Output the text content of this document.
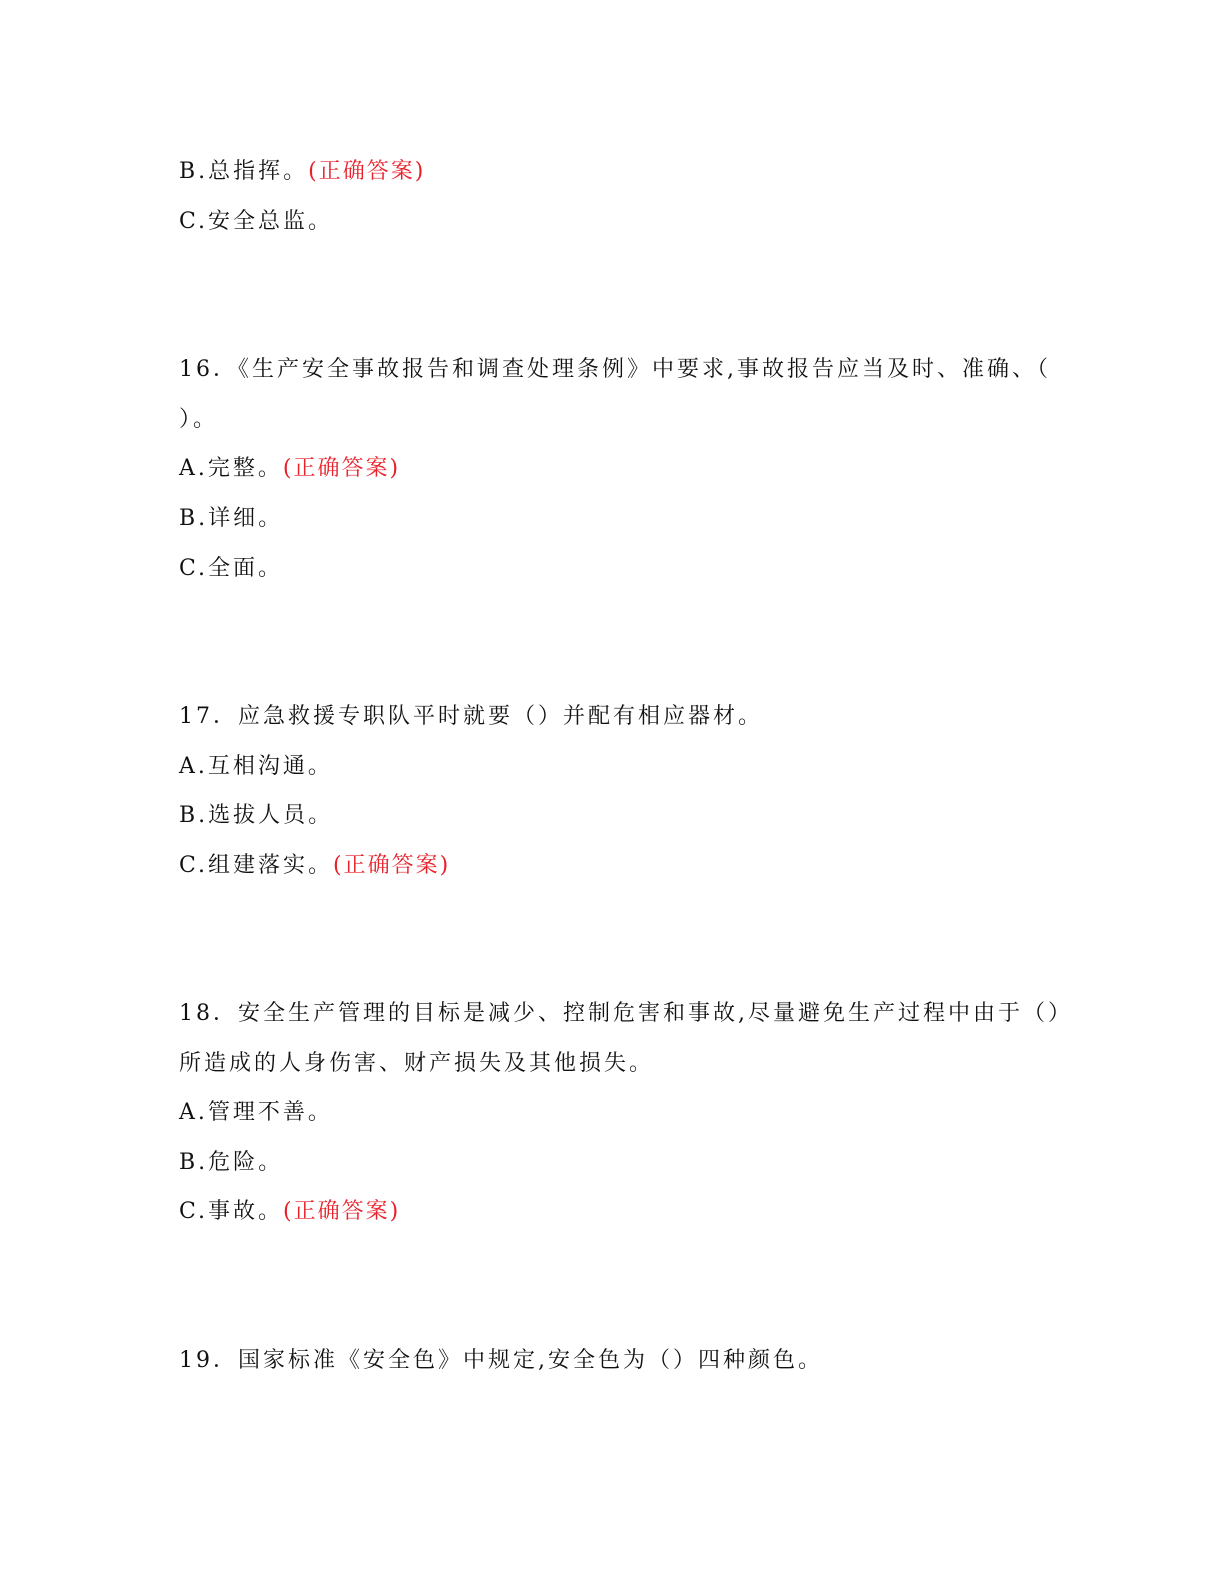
B.总指挥。(正确答案)
C.安全总监。
16．《生产安全事故报告和调查处理条例》中要求,事故报告应当及时、准确、（
）。
A.完整。(正确答案)
B.详细。
C.全面。
17．应急救援专职队平时就要（）并配有相应器材。
A.互相沟通。
B.选拔人员。
C.组建落实。(正确答案)
18．安全生产管理的目标是减少、控制危害和事故,尽量避免生产过程中由于（）
所造成的人身伤害、财产损失及其他损失。
A.管理不善。
B.危险。
C.事故。(正确答案)
19．国家标准《安全色》中规定,安全色为（）四种颜色。
